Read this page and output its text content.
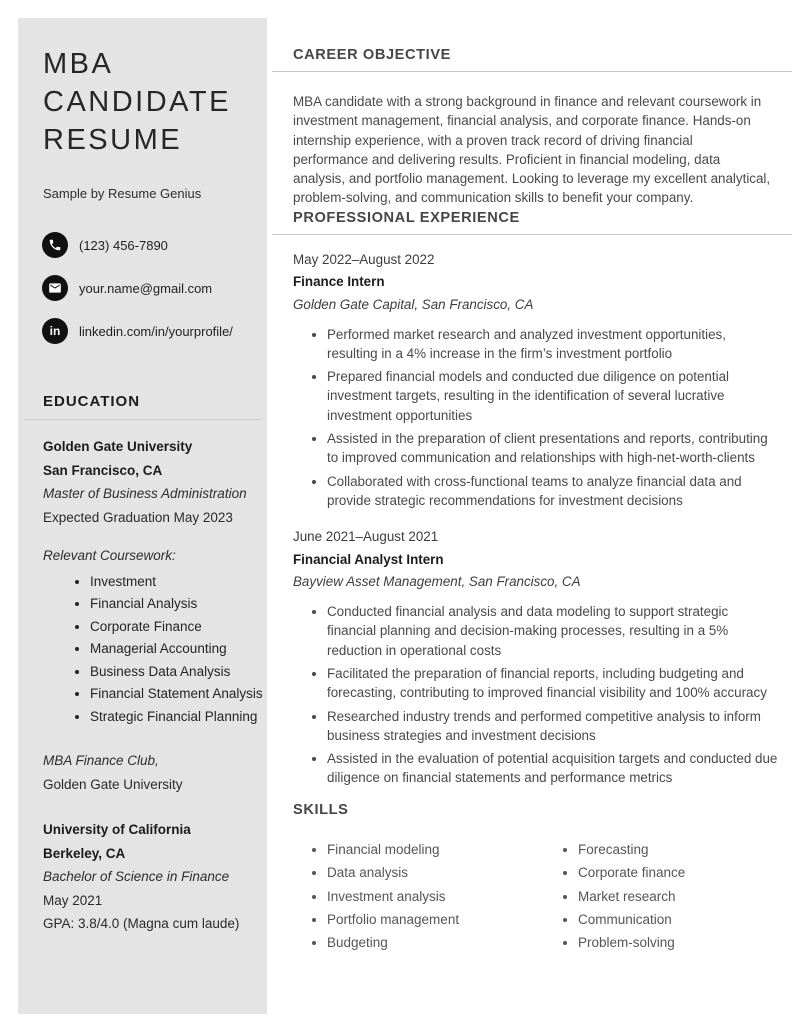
MBA
CANDIDATE
RESUME
Sample by Resume Genius
(123) 456-7890
your.name@gmail.com
in linkedin.com/in/yourprofile/
EDUCATION
Golden Gate University
San Francisco, CA
Master of Business Administration
Expected Graduation May 2023
Relevant Coursework:
• Investment
• Financial Analysis
• Corporate Finance
• Managerial Accounting
• Business Data Analysis
• Financial Statement Analysis
• Strategic Financial Planning
MBA Finance Club,
Golden Gate University
University of California
Berkeley, CA
Bachelor of Science in Finance
May 2021
GPA: 3.8/4.0 (Magna cum laude)
CAREER OBJECTIVE

MBA candidate with a strong background in finance and relevant coursework in investment management, financial analysis, and corporate finance. Hands-on internship experience, with a proven track record of driving financial performance and delivering results. Proficient in financial modeling, data analysis, and portfolio management. Looking to leverage my excellent analytical, problem-solving, and communication skills to benefit your company.

PROFESSIONAL EXPERIENCE
May 2022–August 2022
Finance Intern
Golden Gate Capital, San Francisco, CA
• Performed market research and analyzed investment opportunities, resulting in a 4% increase in the firm’s investment portfolio
• Prepared financial models and conducted due diligence on potential investment targets, resulting in the identification of several lucrative investment opportunities
• Assisted in the preparation of client presentations and reports, contributing to improved communication and relationships with high-net-worth-clients
• Collaborated with cross-functional teams to analyze financial data and provide strategic recommendations for investment decisions
June 2021–August 2021
Financial Analyst Intern
Bayview Asset Management, San Francisco, CA
• Conducted financial analysis and data modeling to support strategic financial planning and decision-making processes, resulting in a 5% reduction in operational costs
• Facilitated the preparation of financial reports, including budgeting and forecasting, contributing to improved financial visibility and 100% accuracy
• Researched industry trends and performed competitive analysis to inform business strategies and investment decisions
• Assisted in the evaluation of potential acquisition targets and conducted due diligence on financial statements and performance metrics
SKILLS
• Financial modeling
• Data analysis
• Investment analysis
• Portfolio management
• Budgeting
• Forecasting
• Corporate finance
• Market research
• Communication
• Problem-solving
